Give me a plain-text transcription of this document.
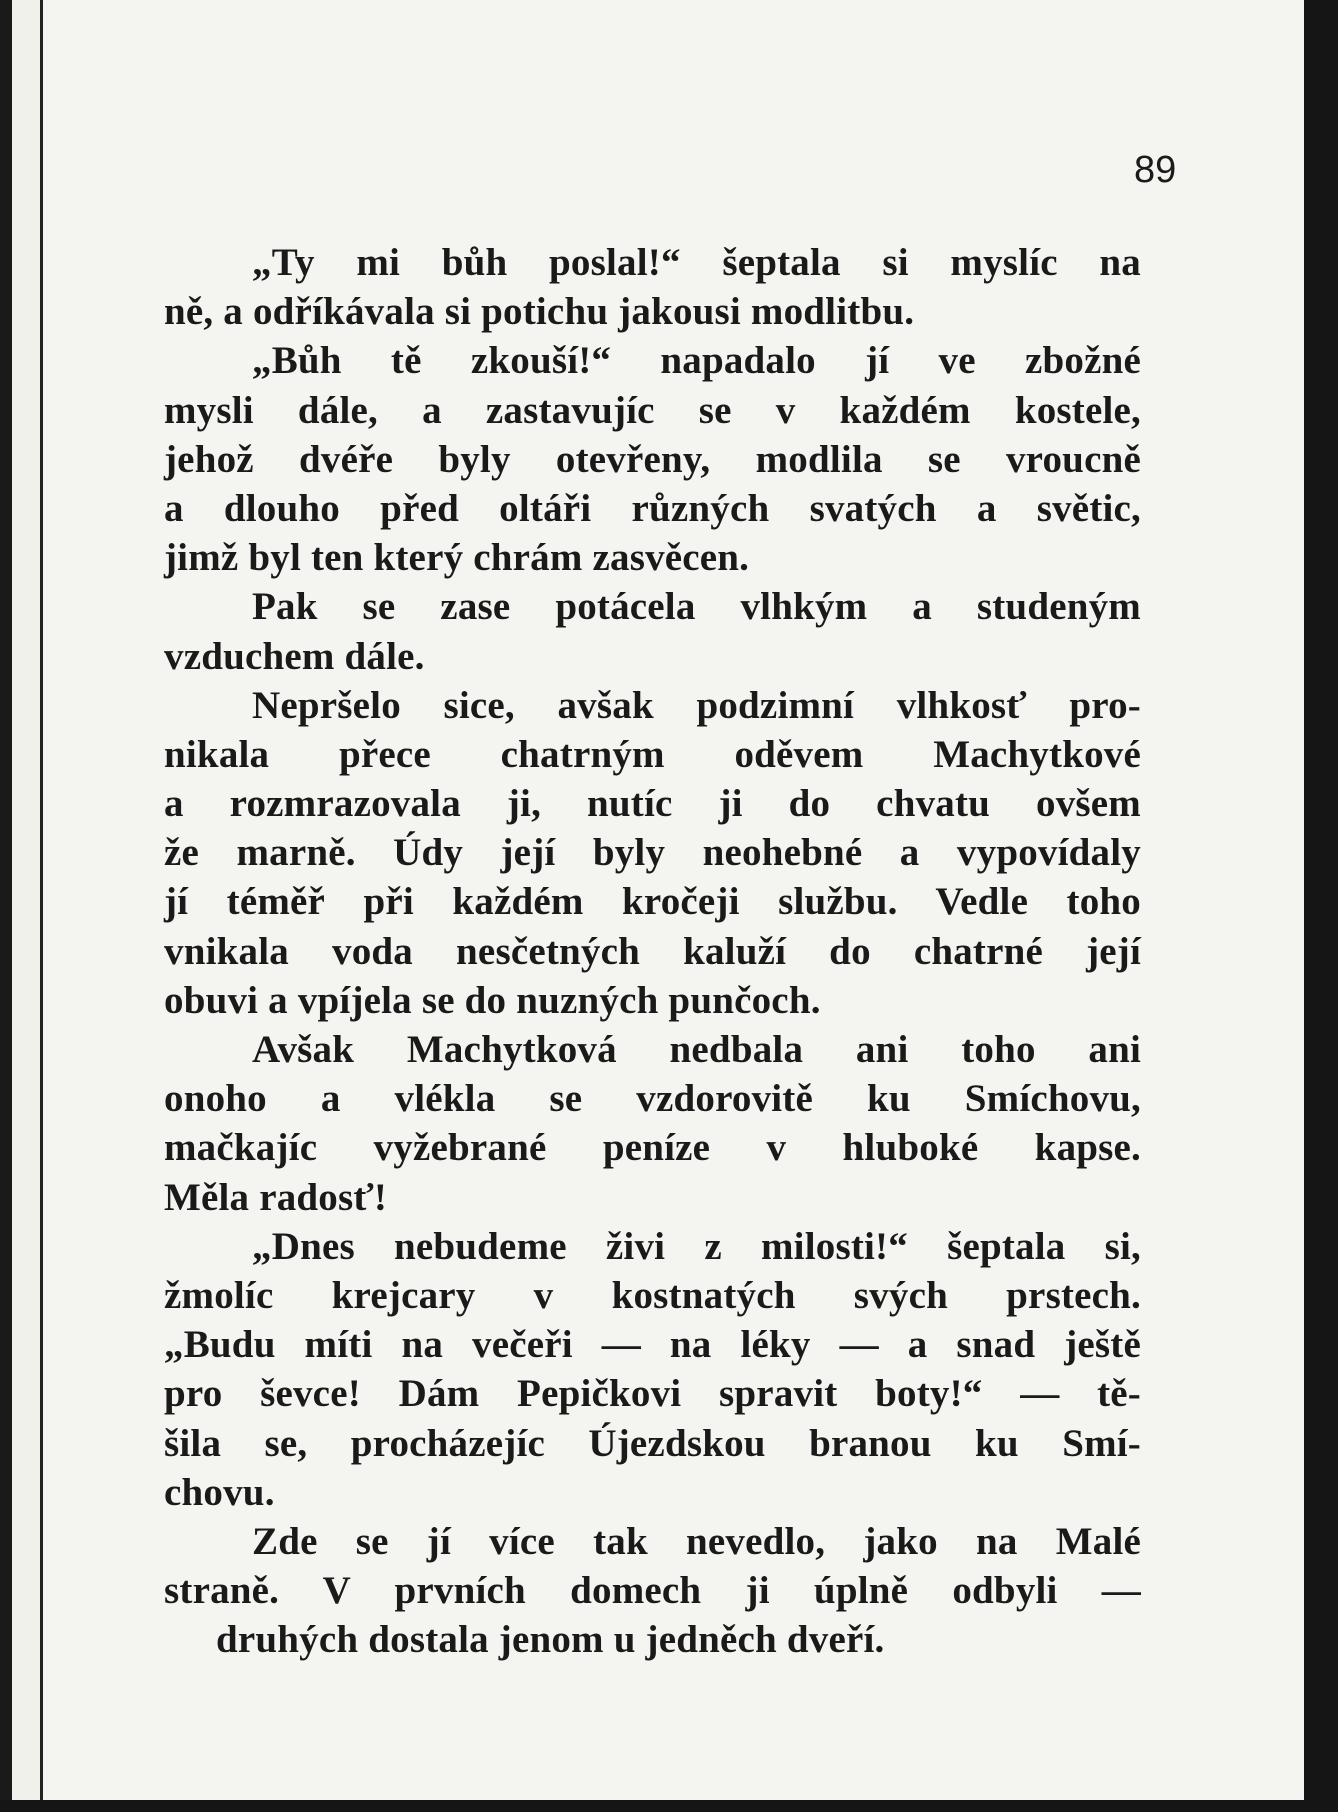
89
„Ty mi bůh poslal!“ šeptala si myslíc na
ně, a odříkávala si potichu jakousi modlitbu.
„Bůh tě zkouší!“ napadalo jí ve zbožné
mysli dále, a zastavujíc se v každém kostele,
jehož dvéře byly otevřeny, modlila se vroucně
a dlouho před oltáři různých svatých a světic,
jimž byl ten který chrám zasvěcen.
Pak se zase potácela vlhkým a studeným
vzduchem dále.
Nepršelo sice, avšak podzimní vlhkosť pro-
nikala přece chatrným oděvem Machytkové
a rozmrazovala ji, nutíc ji do chvatu ovšem
že marně. Údy její byly neohebné a vypovídaly
jí téměř při každém kročeji službu. Vedle toho
vnikala voda nesčetných kaluží do chatrné její
obuvi a vpíjela se do nuzných punčoch.
Avšak Machytková nedbala ani toho ani
onoho a vlékla se vzdorovitě ku Smíchovu,
mačkajíc vyžebrané peníze v hluboké kapse.
Měla radosť!
„Dnes nebudeme živi z milosti!“ šeptala si,
žmolíc krejcary v kostnatých svých prstech.
„Budu míti na večeři — na léky — a snad ještě
pro ševce! Dám Pepičkovi spravit boty!“ — tě-
šila se, procházejíc Újezdskou branou ku Smí-
chovu.
Zde se jí více tak nevedlo, jako na Malé
straně. V prvních domech ji úplně odbyli —
druhých dostala jenom u jedněch dveří.
